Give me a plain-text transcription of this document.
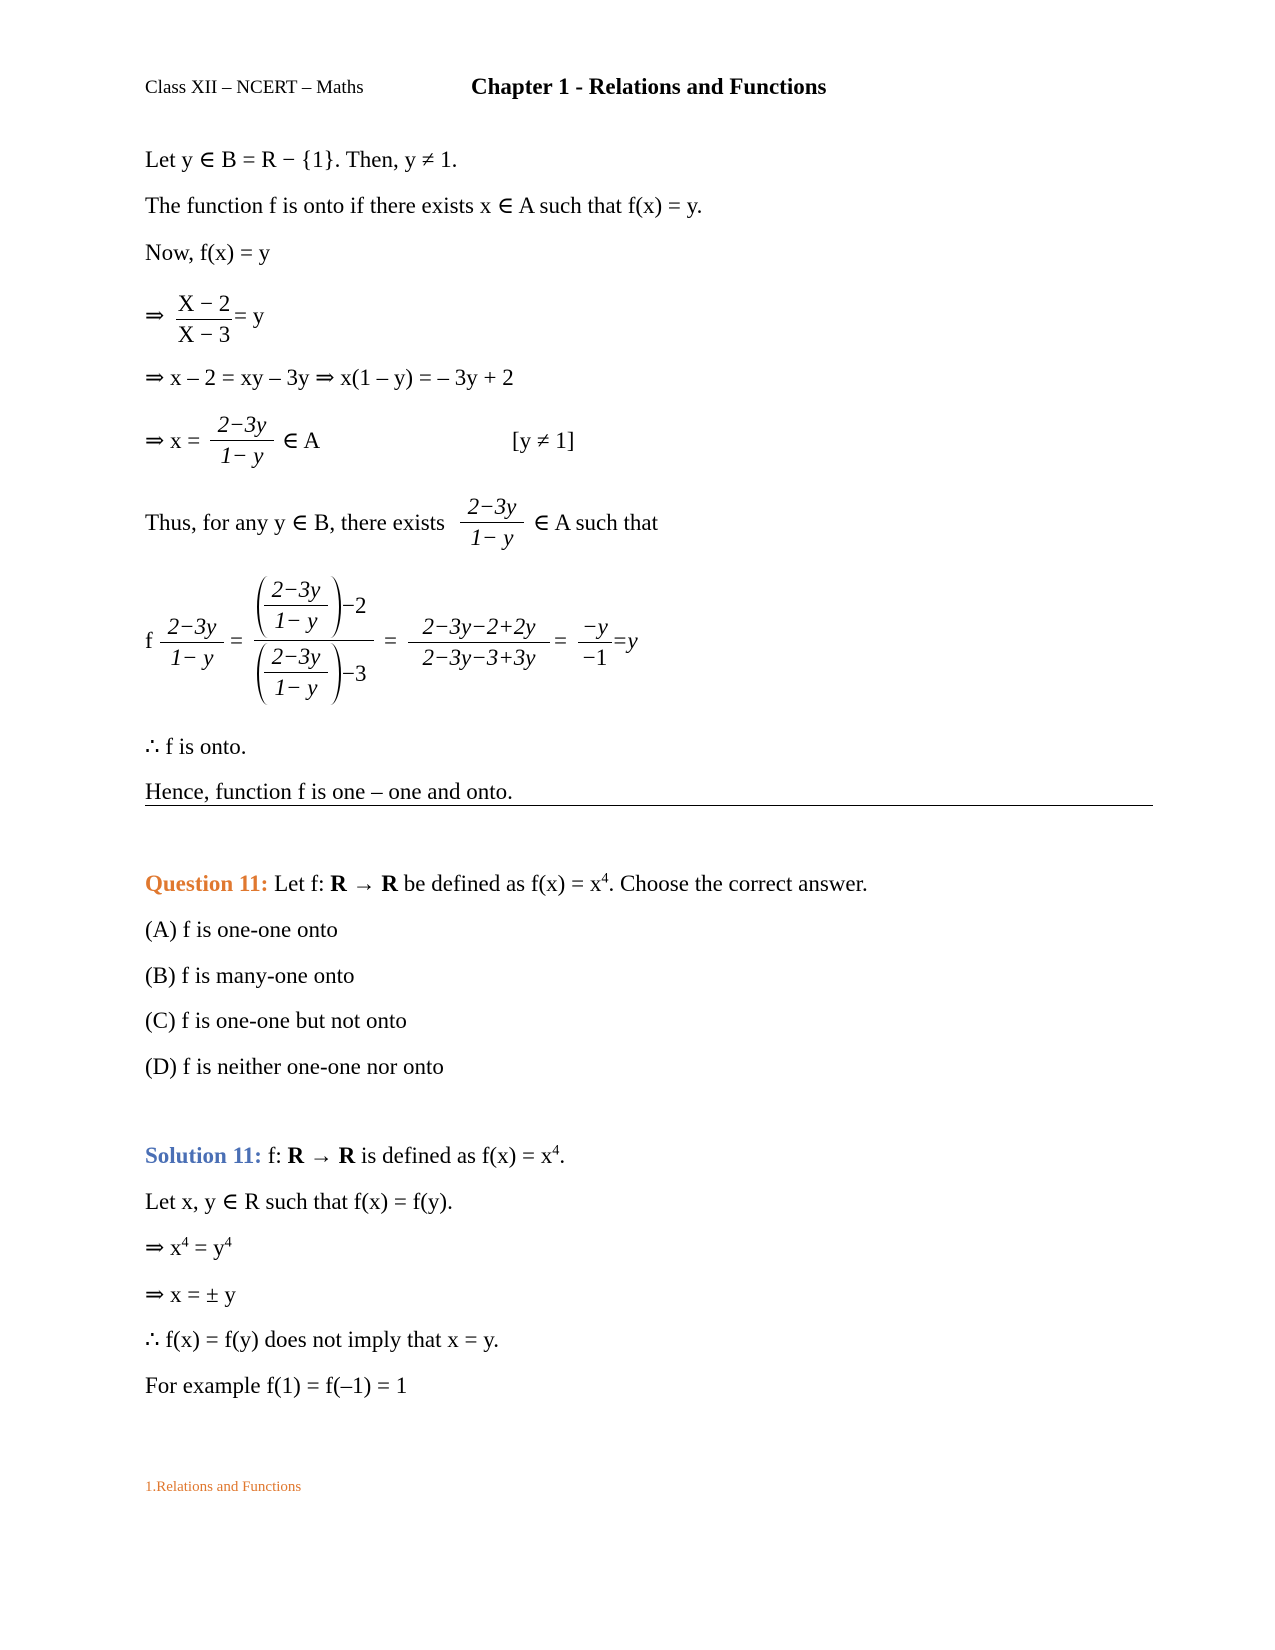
Class XII – NCERT – Maths	Chapter 1 - Relations and Functions
Let y ∈ B = R − {1}. Then, y ≠ 1.
The function f is onto if there exists x ∈ A such that f(x) = y.
Now, f(x) = y
⇒ X − 2
X − 3
= y
⇒ x – 2 = xy – 3y ⇒ x(1 – y) = – 3y + 2
⇒ x =
2−3y
1− y
∈ A	[y ≠ 1]
Thus, for any y ∈ B, there exists
2−3y
1− y
∈ A such that
f
2−3y
1− y
=
2−3y
1− y
−2
2−3y
1− y
−3
=
2−3y−2+2y
2−3y−3+3y
=
−y
−1
=y
∴ f is onto.
Hence, function f is one – one and onto.
Question 11: Let f: R → R be defined as $f(x) = x^4$. Choose the correct answer.
(A) f is one-one onto
(B) f is many-one onto
(C) f is one-one but not onto
(D) f is neither one-one nor onto
Solution 11: f: R → R is defined as $f(x) = x^4$.
Let x, y ∈ R such that f(x) = f(y).
⇒ $x^4 = y^4$
⇒ x = ± y
∴ f(x) = f(y) does not imply that x = y.
For example f(1) = f(–1) = 1
1.Relations and Functions
